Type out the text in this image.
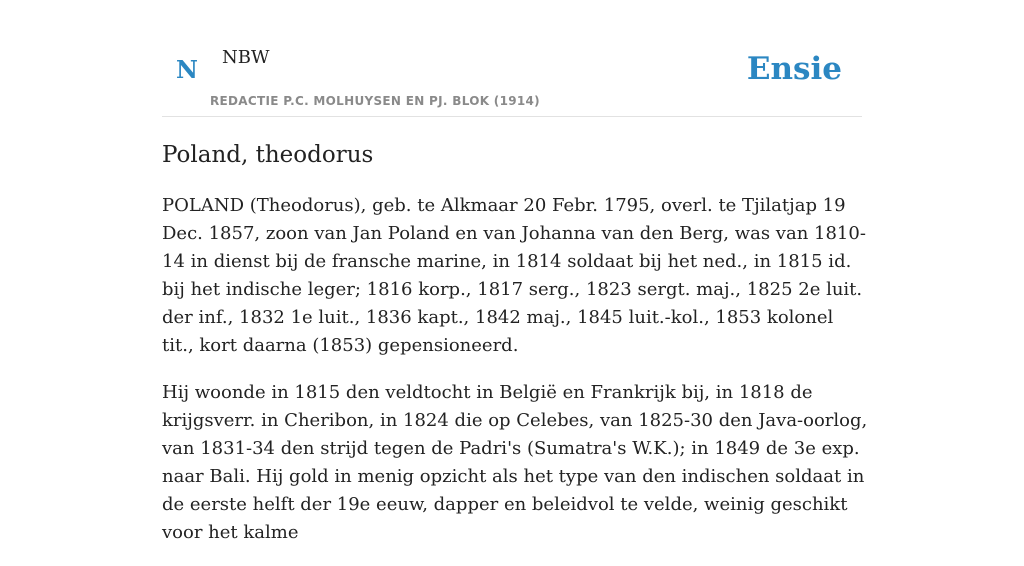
N NBW
REDACTIE P.C. MOLHUYSEN EN PJ. BLOK (1914)
Ensie
Poland, theodorus

POLAND (Theodorus), geb. te Alkmaar 20 Febr. 1795, overl. te Tjilatjap 19 Dec. 1857, zoon van Jan Poland en van Johanna van den Berg, was van 1810-14 in dienst bij de fransche marine, in 1814 soldaat bij het ned., in 1815 id. bij het indische leger; 1816 korp., 1817 serg., 1823 sergt. maj., 1825 2e luit. der inf., 1832 1e luit., 1836 kapt., 1842 maj., 1845 luit.-kol., 1853 kolonel tit., kort daarna (1853) gepensioneerd.

Hij woonde in 1815 den veldtocht in België en Frankrijk bij, in 1818 de krijgsverr. in Cheribon, in 1824 die op Celebes, van 1825-30 den Java-oorlog, van 1831-34 den strijd tegen de Padri's (Sumatra's W.K.); in 1849 de 3e exp. naar Bali. Hij gold in menig opzicht als het type van den indischen soldaat in de eerste helft der 19e eeuw, dapper en beleidvol te velde, weinig geschikt voor het kalme
